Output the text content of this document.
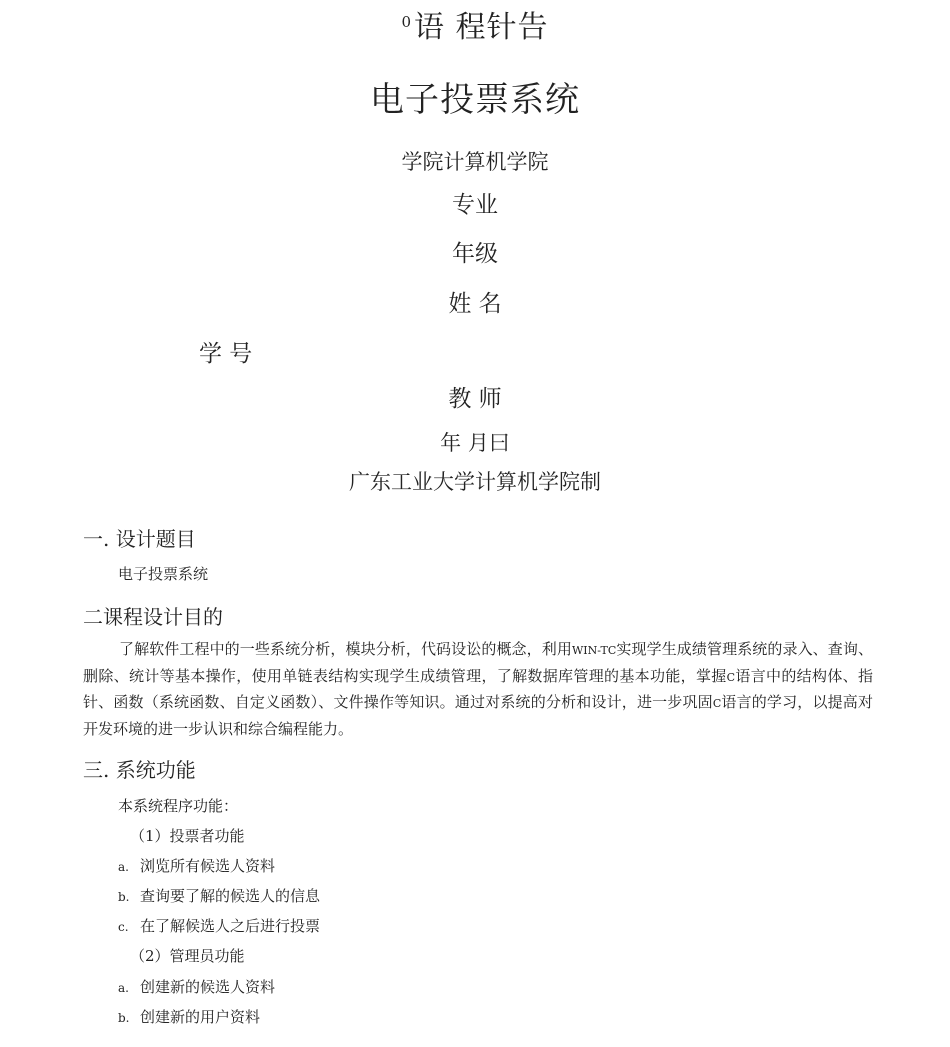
$^0$语 程针告
电子投票系统
学院计算机学院
专业
年级
姓 名
学 号
教 师
年 月曰
广东工业大学计算机学院制
一. 设计题目
电子投票系统
二课程设计目的
了解软件工程中的一些系统分析，模块分析，代码设讼的概念，利用WIN-TC实现学生成绩管理系统的录入、查询、删除、统计等基本操作，使用单链表结构实现学生成绩管理，了解数据库管理的基本功能，掌握C语言中的结构体、指针、函数（系统函数、自定义函数）、文件操作等知识。通过对系统的分析和设计，进一步巩固C语言的学习，以提高对开发环境的进一步认识和综合编程能力。
三. 系统功能
本系统程序功能：
（1）投票者功能
a. 浏览所有候选人资料
b. 查询要了解的候选人的信息
c. 在了解候选人之后进行投票
（2）管理员功能
a. 创建新的候选人资料
b. 创建新的用户资料
